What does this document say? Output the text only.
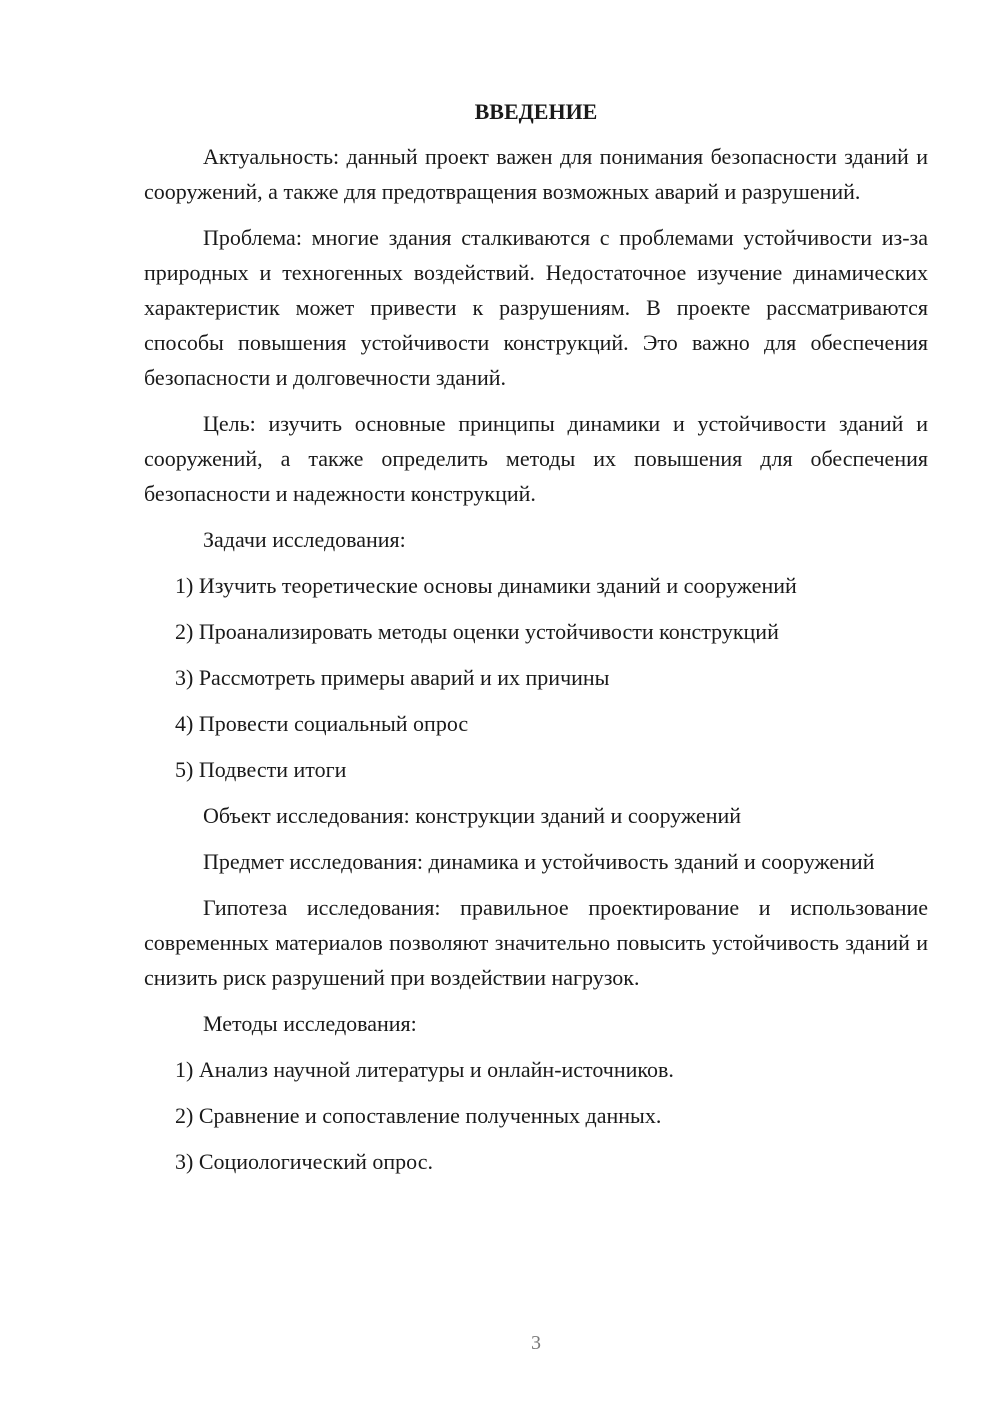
ВВЕДЕНИЕ

Актуальность: данный проект важен для понимания безопасности зданий и сооружений, а также для предотвращения возможных аварий и разрушений.

Проблема: многие здания сталкиваются с проблемами устойчивости из-за природных и техногенных воздействий. Недостаточное изучение динамических характеристик может привести к разрушениям. В проекте рассматриваются способы повышения устойчивости конструкций. Это важно для обеспечения безопасности и долговечности зданий.

Цель: изучить основные принципы динамики и устойчивости зданий и сооружений, а также определить методы их повышения для обеспечения безопасности и надежности конструкций.

Задачи исследования:

1) Изучить теоретические основы динамики зданий и сооружений
2) Проанализировать методы оценки устойчивости конструкций
3) Рассмотреть примеры аварий и их причины
4) Провести социальный опрос
5) Подвести итоги

Объект исследования: конструкции зданий и сооружений

Предмет исследования: динамика и устойчивость зданий и сооружений

Гипотеза исследования: правильное проектирование и использование современных материалов позволяют значительно повысить устойчивость зданий и снизить риск разрушений при воздействии нагрузок.

Методы исследования:

1) Анализ научной литературы и онлайн-источников.
2) Сравнение и сопоставление полученных данных.
3) Социологический опрос.
3
